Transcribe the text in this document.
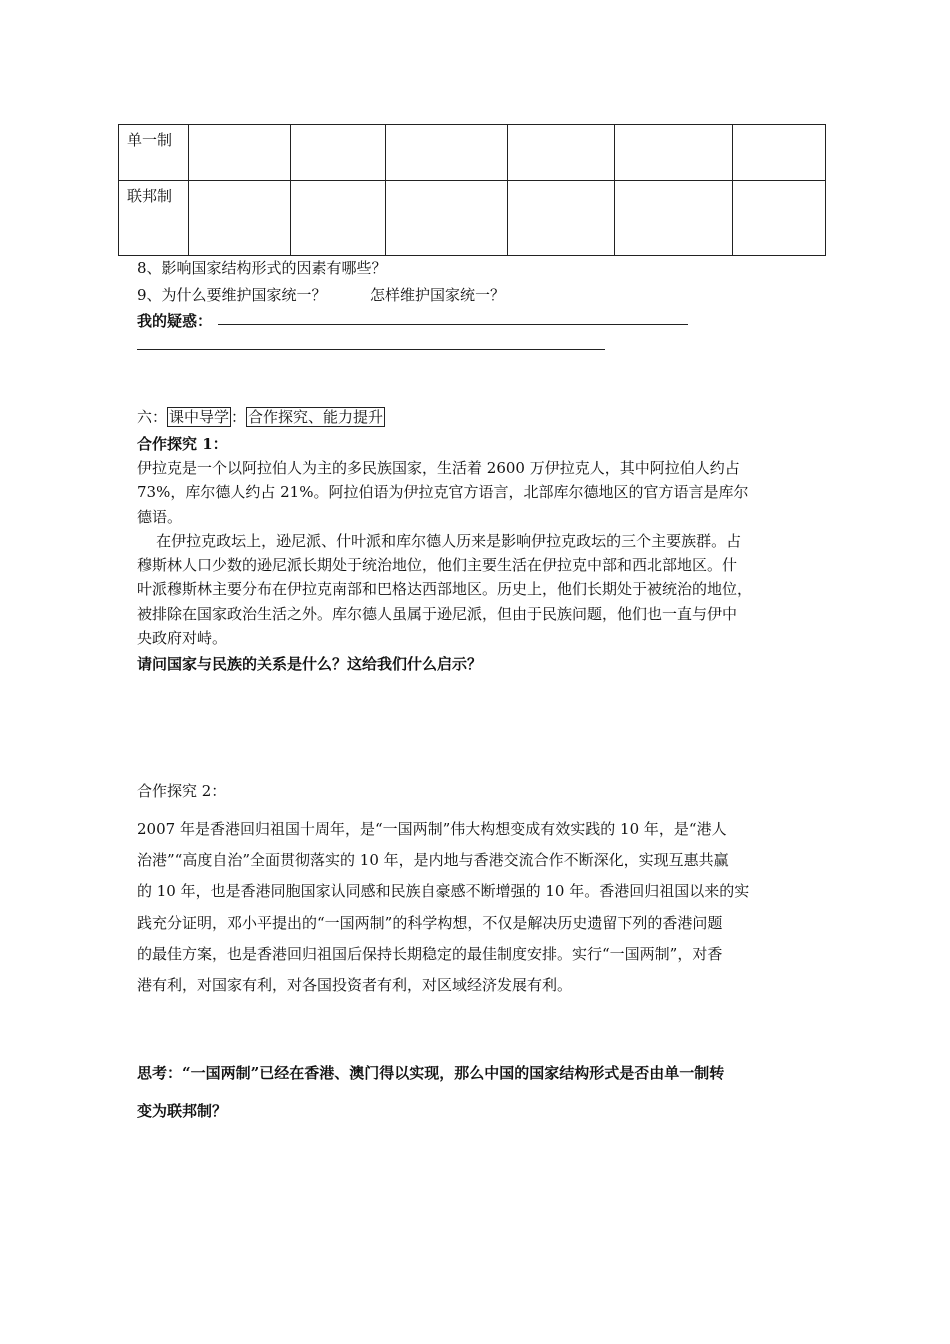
单一制						
联邦制						
8、影响国家结构形式的因素有哪些？
9、为什么要维护国家统一？	怎样维护国家统一？
我的疑惑：
六： 课中导学 ： 合作探究、能力提升
合作探究 1：

伊拉克是一个以阿拉伯人为主的多民族国家，生活着 2600 万伊拉克人，其中阿拉伯人约占

73%，库尔德人约占 21%。阿拉伯语为伊拉克官方语言，北部库尔德地区的官方语言是库尔

德语。

在伊拉克政坛上，逊尼派、什叶派和库尔德人历来是影响伊拉克政坛的三个主要族群。占

穆斯林人口少数的逊尼派长期处于统治地位，他们主要生活在伊拉克中部和西北部地区。什

叶派穆斯林主要分布在伊拉克南部和巴格达西部地区。历史上，他们长期处于被统治的地位，

被排除在国家政治生活之外。库尔德人虽属于逊尼派，但由于民族问题，他们也一直与伊中

央政府对峙。

请问国家与民族的关系是什么？这给我们什么启示？
合作探究 2：

2007 年是香港回归祖国十周年，是“一国两制”伟大构想变成有效实践的 10 年，是“港人

治港”“高度自治”全面贯彻落实的 10 年，是内地与香港交流合作不断深化，实现互惠共赢

的 10 年，也是香港同胞国家认同感和民族自豪感不断增强的 10 年。香港回归祖国以来的实

践充分证明，邓小平提出的“一国两制”的科学构想，不仅是解决历史遗留下列的香港问题

的最佳方案，也是香港回归祖国后保持长期稳定的最佳制度安排。实行“一国两制”，对香

港有利，对国家有利，对各国投资者有利，对区域经济发展有利。

思考：“一国两制”已经在香港、澳门得以实现，那么中国的国家结构形式是否由单一制转

变为联邦制？
